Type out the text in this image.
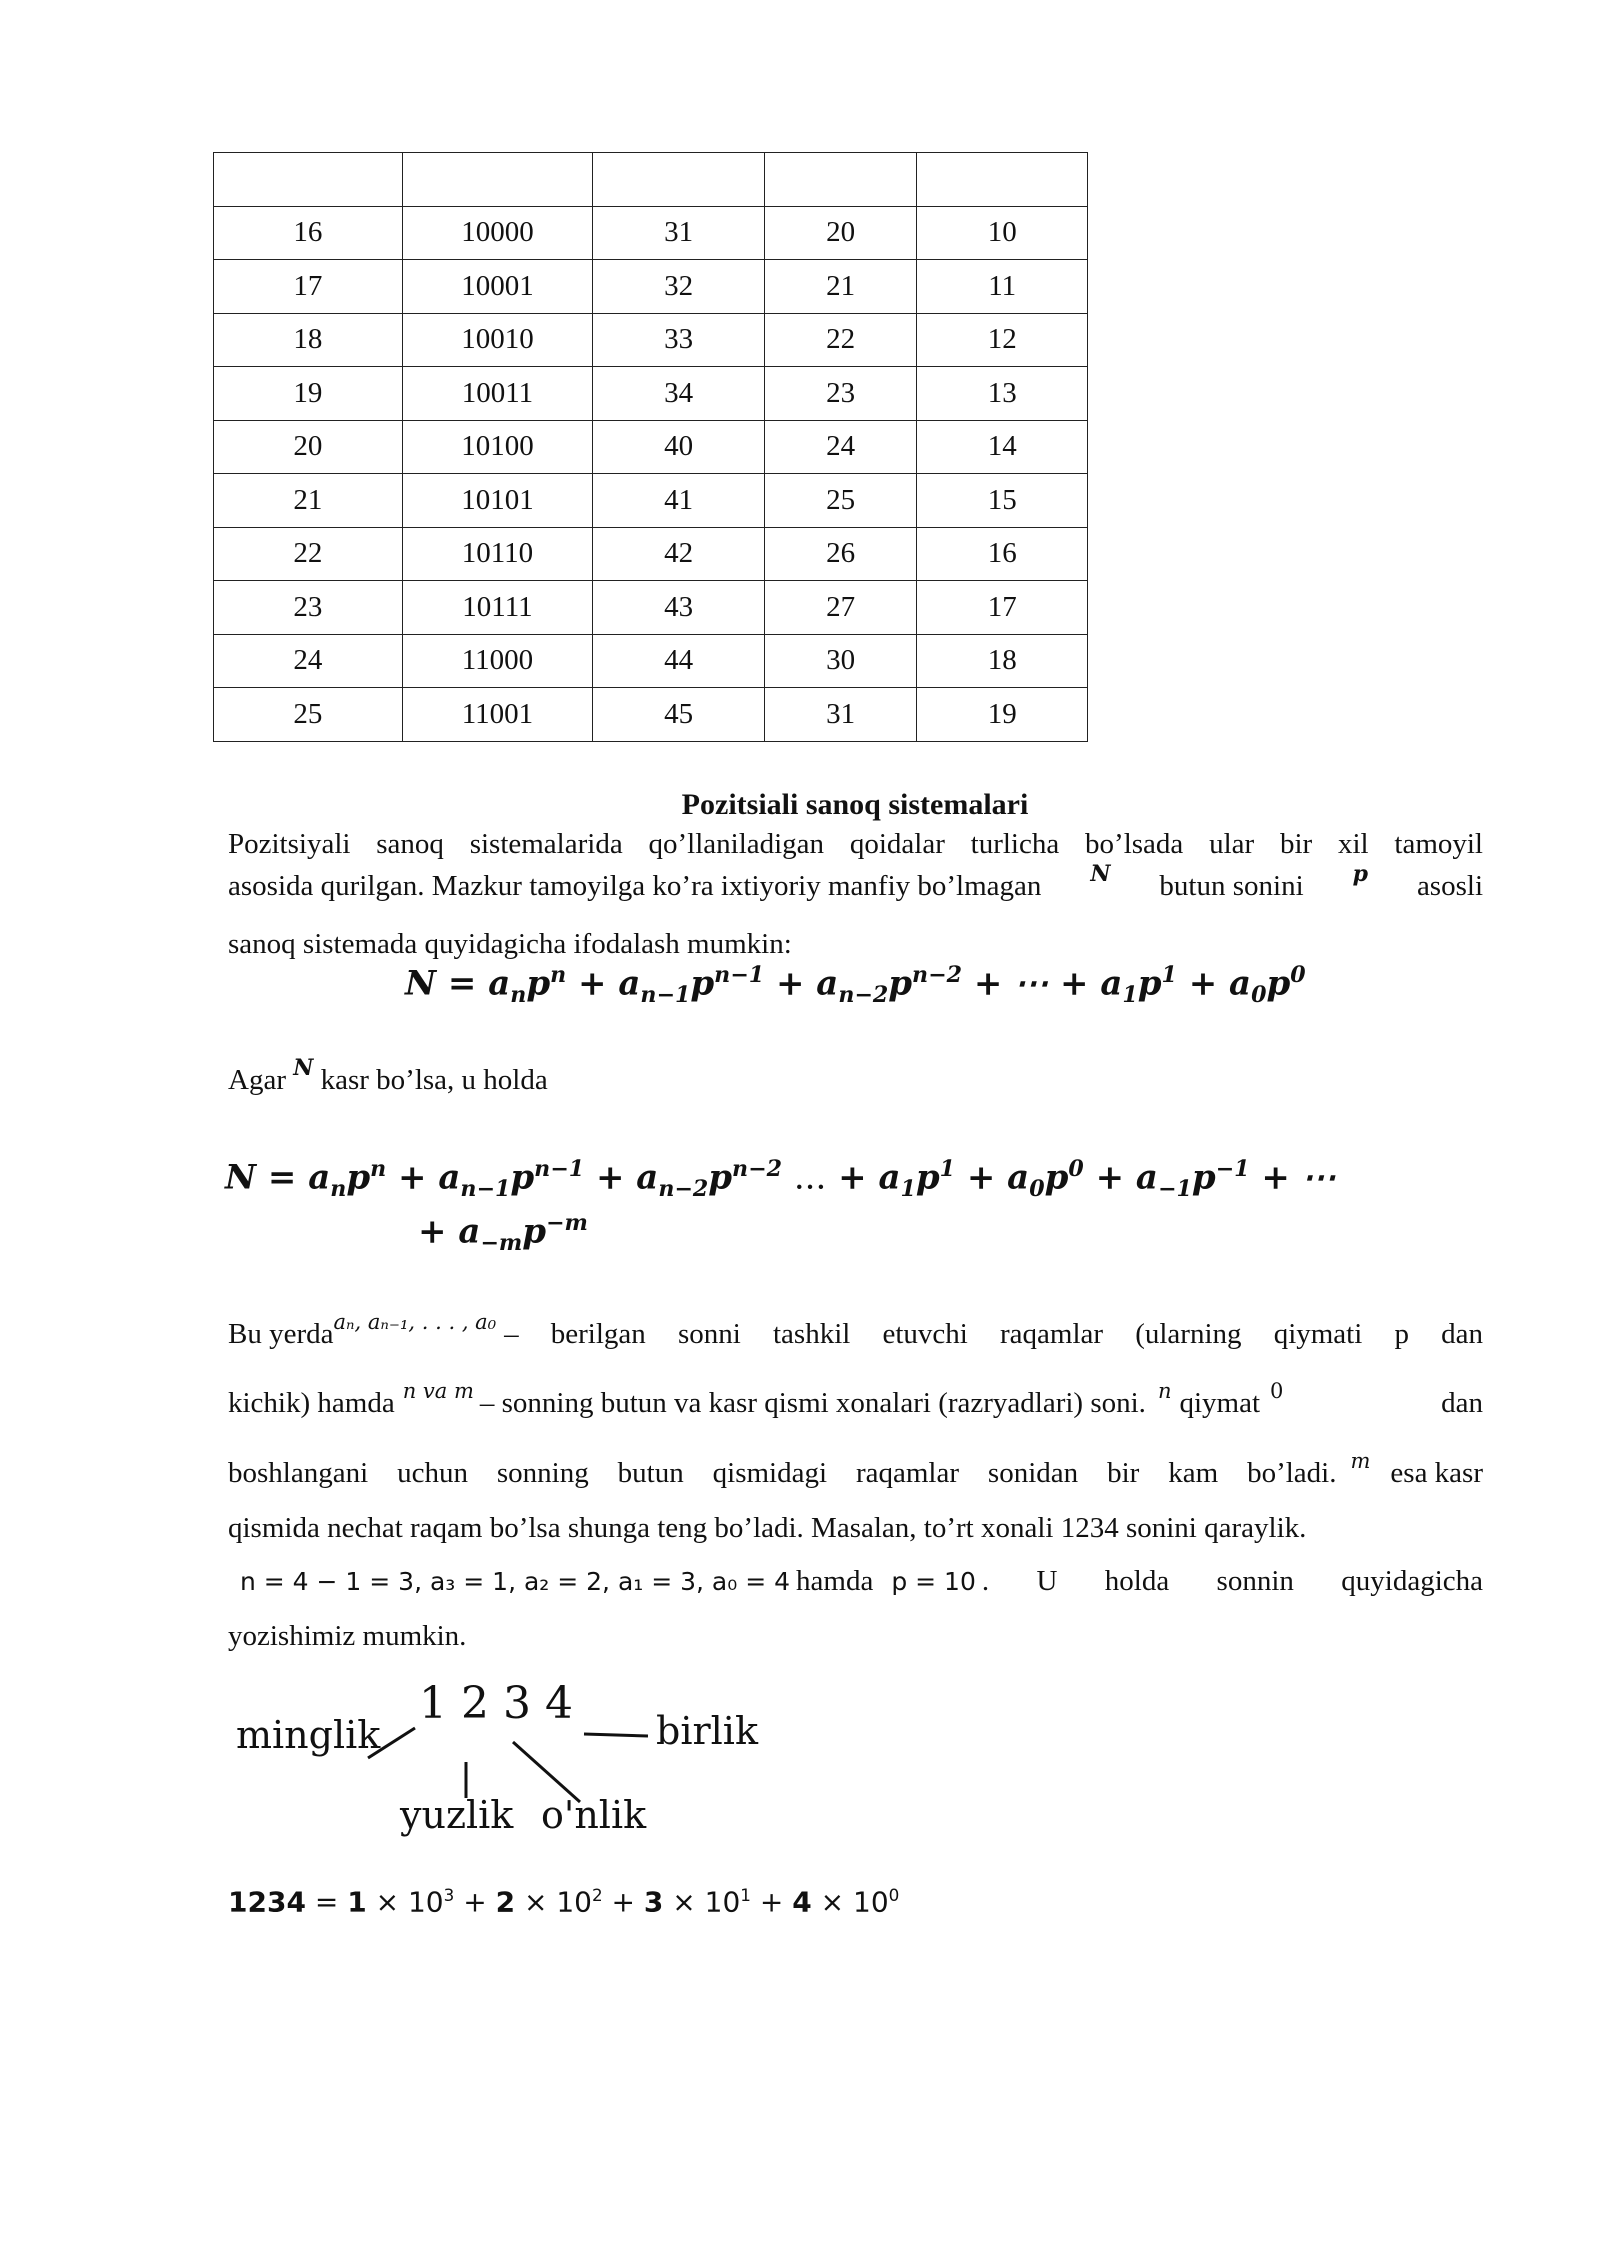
16	10000	31	20	10
17	10001	32	21	11
18	10010	33	22	12
19	10011	34	23	13
20	10100	40	24	14
21	10101	41	25	15
22	10110	42	26	16
23	10111	43	27	17
24	11000	44	30	18
25	11001	45	31	19
Pozitsiali sanoq sistemalari
Pozitsiyali sanoq sistemalarida qo’llaniladigan qoidalar turlicha bo’lsada ular bir xil tamoyil
asosida qurilgan. Mazkur tamoyilga ko’ra ixtiyoriy manfiy bo’lmagan N butun sonini p asosli
sanoq sistemada quyidagicha ifodalash mumkin:
$N = a_np^n + a_{n-1}p^{n-1} + a_{n-2}p^{n-2}$ + ⋯ + $a_1p^1 + a_0p^0$
Agar $^N$ kasr bo’lsa, u holda
$N = a_np^n + a_{n-1}p^{n-1} + a_{n-2}p^{n-2}$ ... + $a_1p^1 + a_0p^0 + a_{-1}p^{-1}$ + ⋯
+ $a_{-m}p^{-m}$
Bu yerda aₙ, aₙ₋₁, . . . , a₀ – berilgan sonni tashkil etuvchi raqamlar (ularning qiymati p dan
kichik) hamda n va m – sonning butun va kasr qismi xonalari (razryadlari) soni. n qiymat 0	dan
boshlangani uchun sonning butun qismidagi raqamlar sonidan bir kam bo’ladi. m esa kasr
qismida nechat raqam bo’lsa shunga teng bo’ladi. Masalan, to’rt xonali 1234 sonini qaraylik.
n = 4 − 1 = 3, a₃ = 1, a₂ = 2, a₁ = 3, a₀ = 4 hamda p = 10 . U holda sonnin quyidagicha
yozishimiz mumkin.
1 2 3 4
minglik	birlik
yuzlik o'nlik
$1234 = 1 \times 10^3 + 2 \times 10^2 + 3 \times 10^1 + 4 \times 10^0$
